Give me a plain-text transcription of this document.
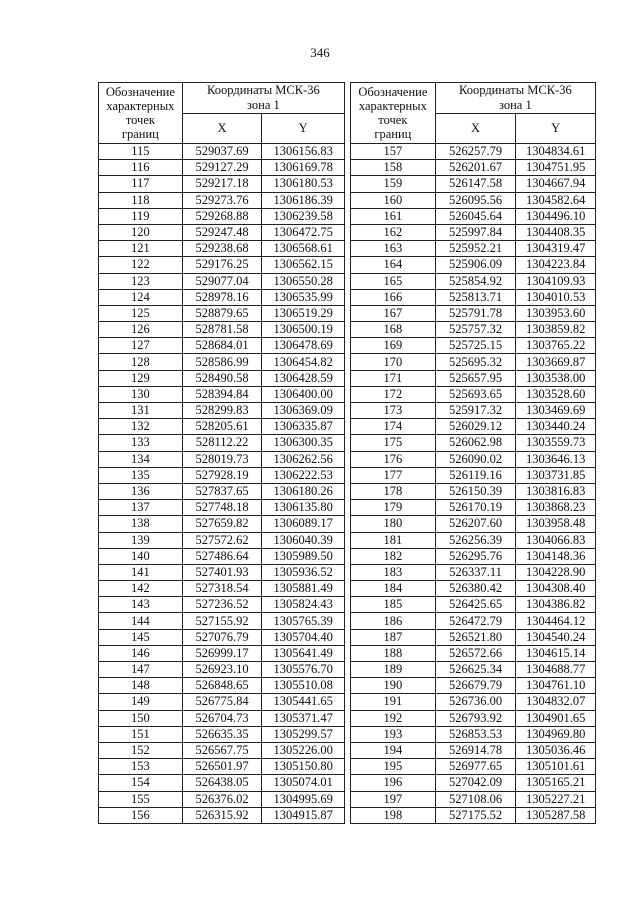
346
Обозначение
характерных
точек
границ	Координаты МСК-36
зона 1	

	X	Y
115	529037.69	1306156.83
116	529127.29	1306169.78
117	529217.18	1306180.53
118	529273.76	1306186.39
119	529268.88	1306239.58
120	529247.48	1306472.75
121	529238.68	1306568.61
122	529176.25	1306562.15
123	529077.04	1306550.28
124	528978.16	1306535.99
125	528879.65	1306519.29
126	528781.58	1306500.19
127	528684.01	1306478.69
128	528586.99	1306454.82
129	528490.58	1306428.59
130	528394.84	1306400.00
131	528299.83	1306369.09
132	528205.61	1306335.87
133	528112.22	1306300.35
134	528019.73	1306262.56
135	527928.19	1306222.53
136	527837.65	1306180.26
137	527748.18	1306135.80
138	527659.82	1306089.17
139	527572.62	1306040.39
140	527486.64	1305989.50
141	527401.93	1305936.52
142	527318.54	1305881.49
143	527236.52	1305824.43
144	527155.92	1305765.39
145	527076.79	1305704.40
146	526999.17	1305641.49
147	526923.10	1305576.70
148	526848.65	1305510.08
149	526775.84	1305441.65
150	526704.73	1305371.47
151	526635.35	1305299.57
152	526567.75	1305226.00
153	526501.97	1305150.80
154	526438.05	1305074.01
155	526376.02	1304995.69
156	526315.92	1304915.87
Обозначение
характерных
точек
границ	Координаты МСК-36
зона 1	

	X	Y
157	526257.79	1304834.61
158	526201.67	1304751.95
159	526147.58	1304667.94
160	526095.56	1304582.64
161	526045.64	1304496.10
162	525997.84	1304408.35
163	525952.21	1304319.47
164	525906.09	1304223.84
165	525854.92	1304109.93
166	525813.71	1304010.53
167	525791.78	1303953.60
168	525757.32	1303859.82
169	525725.15	1303765.22
170	525695.32	1303669.87
171	525657.95	1303538.00
172	525693.65	1303528.60
173	525917.32	1303469.69
174	526029.12	1303440.24
175	526062.98	1303559.73
176	526090.02	1303646.13
177	526119.16	1303731.85
178	526150.39	1303816.83
179	526170.19	1303868.23
180	526207.60	1303958.48
181	526256.39	1304066.83
182	526295.76	1304148.36
183	526337.11	1304228.90
184	526380.42	1304308.40
185	526425.65	1304386.82
186	526472.79	1304464.12
187	526521.80	1304540.24
188	526572.66	1304615.14
189	526625.34	1304688.77
190	526679.79	1304761.10
191	526736.00	1304832.07
192	526793.92	1304901.65
193	526853.53	1304969.80
194	526914.78	1305036.46
195	526977.65	1305101.61
196	527042.09	1305165.21
197	527108.06	1305227.21
198	527175.52	1305287.58
